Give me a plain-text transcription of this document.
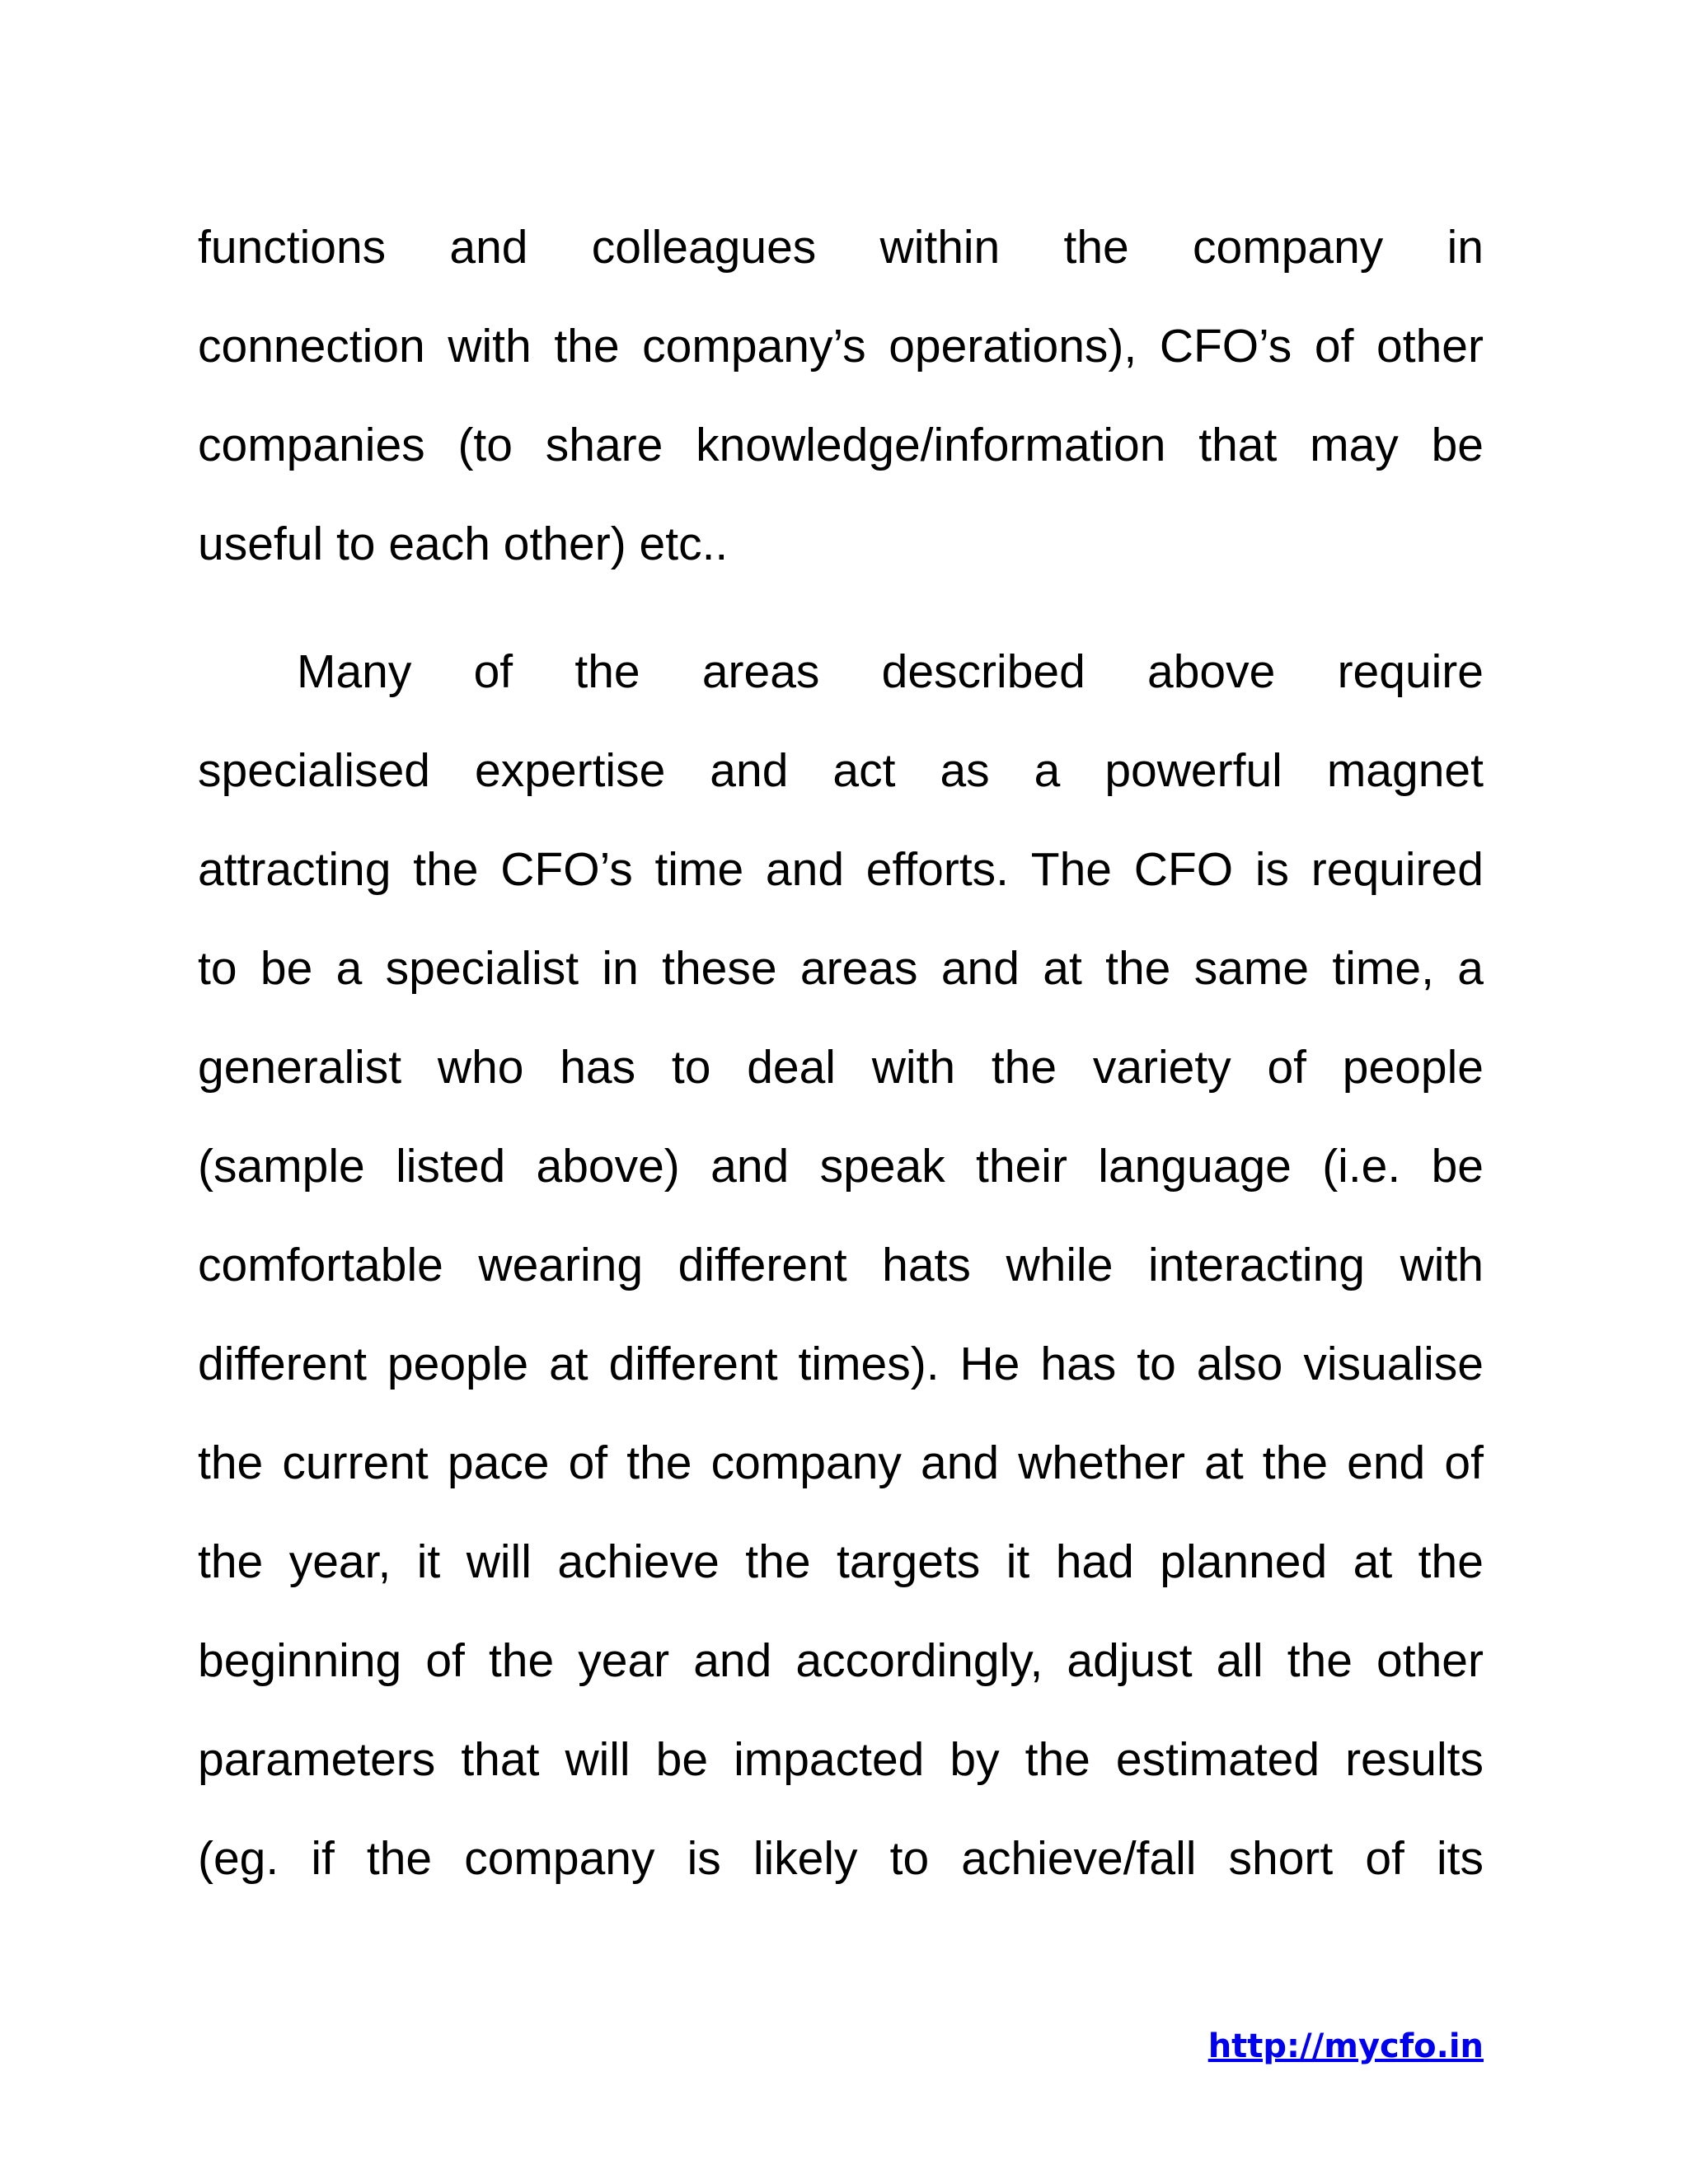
functions and colleagues within the company in
connection with the company’s operations), CFO’s of other
companies (to share knowledge/information that may be
useful to each other) etc..
Many of the areas described above require
specialised expertise and act as a powerful magnet
attracting the CFO’s time and efforts. The CFO is required
to be a specialist in these areas and at the same time, a
generalist who has to deal with the variety of people
(sample listed above) and speak their language (i.e. be
comfortable wearing different hats while interacting with
different people at different times). He has to also visualise
the current pace of the company and whether at the end of
the year, it will achieve the targets it had planned at the
beginning of the year and accordingly, adjust all the other
parameters that will be impacted by the estimated results
(eg. if the company is likely to achieve/fall short of its
http://mycfo.in
